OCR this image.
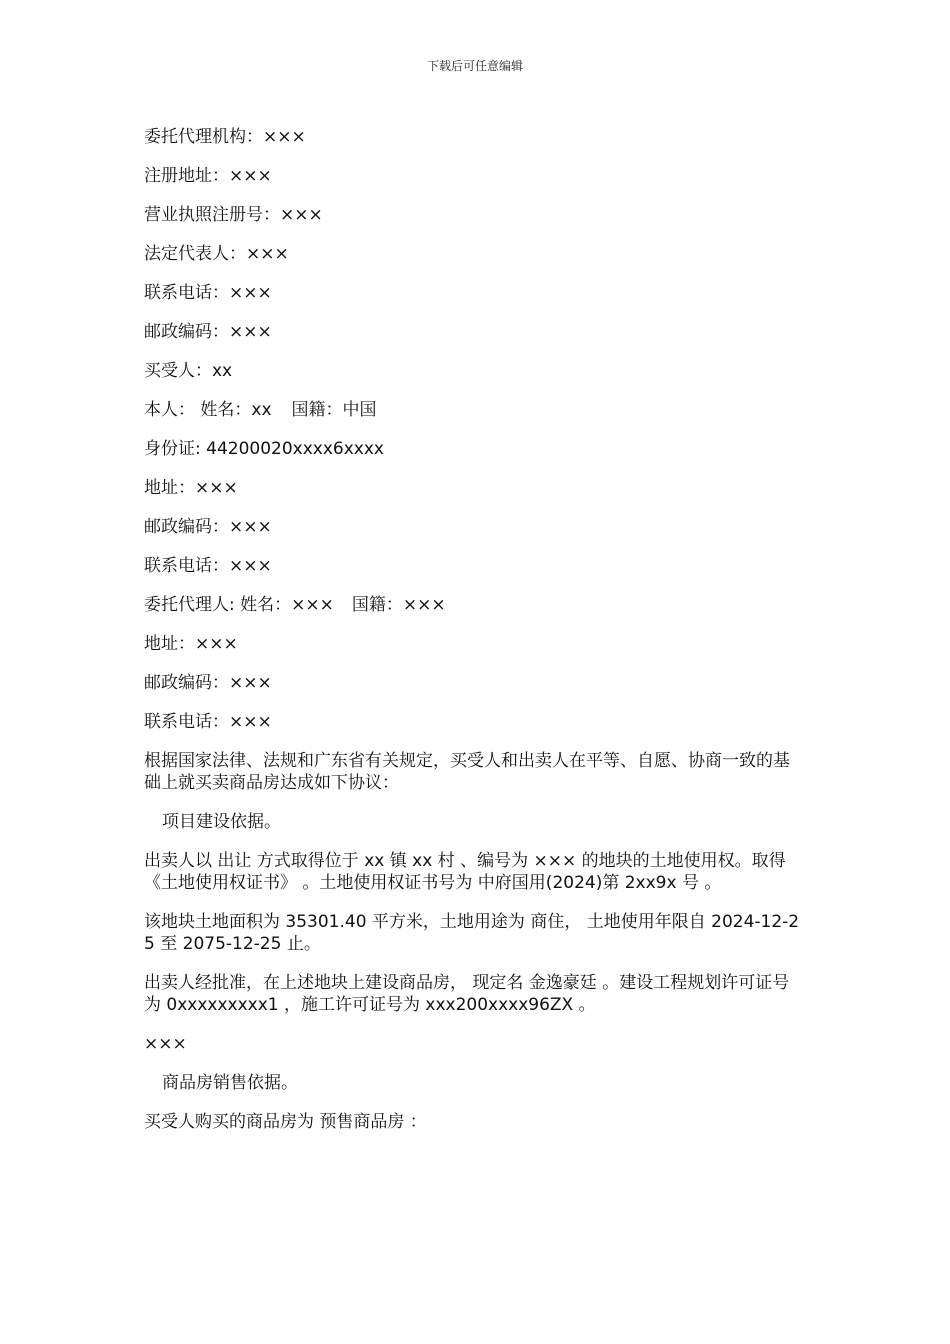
下载后可任意编辑
委托代理机构：×××
注册地址：×××
营业执照注册号：×××
法定代表人：×××
联系电话：×××
邮政编码：×××
买受人：xx
本人： 姓名：xx 国籍：中国
身份证: 44200020xxxx6xxxx
地址：×××
邮政编码：×××
联系电话：×××
委托代理人: 姓名：××× 国籍：×××
地址：×××
邮政编码：×××
联系电话：×××
根据国家法律、法规和广东省有关规定，买受人和出卖人在平等、自愿、协商一致的基础上就买卖商品房达成如下协议：
项目建设依据。
出卖人以 出让 方式取得位于 xx 镇 xx 村 、编号为 ××× 的地块的土地使用权。取得《土地使用权证书》 。土地使用权证书号为 中府国用(2024)第 2xx9x 号 。
该地块土地面积为 35301.40 平方米，土地用途为 商住， 土地使用年限自 2024-12-25 至 2075-12-25 止。
出卖人经批准，在上述地块上建设商品房， 现定名 金逸豪廷 。建设工程规划许可证号为 0xxxxxxxxx1 ，施工许可证号为 xxx200xxxx96ZX 。
×××
商品房销售依据。
买受人购买的商品房为 预售商品房 ：
